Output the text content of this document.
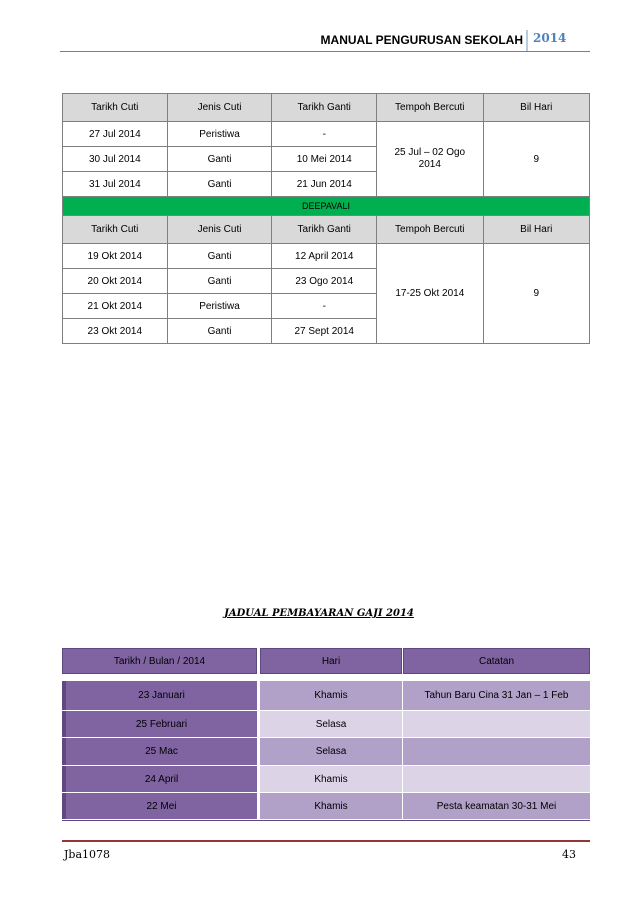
MANUAL PENGURUSAN SEKOLAH 2014
Tarikh Cuti	Jenis Cuti	Tarikh Ganti	Tempoh Bercuti	Bil Hari
27 Jul 2014	Peristiwa	-	25 Jul – 02 Ogo 2014	9
30 Jul 2014	Ganti	10 Mei 2014		
31 Jul 2014	Ganti	21 Jun 2014		
DEEPAVALI				
Tarikh Cuti	Jenis Cuti	Tarikh Ganti	Tempoh Bercuti	Bil Hari
19 Okt 2014	Ganti	12 April 2014	17-25 Okt 2014	9
20 Okt 2014	Ganti	23 Ogo 2014		
21 Okt 2014	Peristiwa	-		
23 Okt 2014	Ganti	27 Sept 2014		
JADUAL PEMBAYARAN GAJI 2014
Tarikh / Bulan / 2014	Hari	Catatan
23 Januari	Khamis	Tahun Baru Cina 31 Jan – 1 Feb
25 Februari	Selasa
25 Mac	Selasa
24 April	Khamis
22 Mei	Khamis	Pesta keamatan 30-31 Mei
Jba1078	43
